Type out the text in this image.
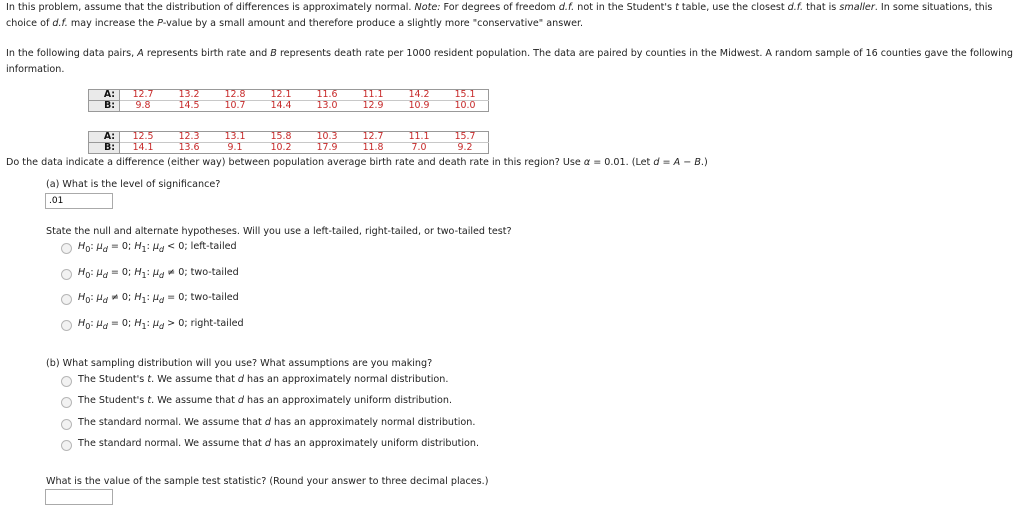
In this problem, assume that the distribution of differences is approximately normal. Note: For degrees of freedom d.f. not in the Student's t table, use the closest d.f. that is smaller. In some situations, this choice of d.f. may increase the P-value by a small amount and therefore produce a slightly more "conservative" answer.

In the following data pairs, A represents birth rate and B represents death rate per 1000 resident population. The data are paired by counties in the Midwest. A random sample of 16 counties gave the following information.

A:	12.7	13.2	12.8	12.1	11.6	11.1	14.2	15.1
B:	9.8	14.5	10.7	14.4	13.0	12.9	10.9	10.0
A:	12.5	12.3	13.1	15.8	10.3	12.7	11.1	15.7
B:	14.1	13.6	9.1	10.2	17.9	11.8	7.0	9.2
Do the data indicate a difference (either way) between population average birth rate and death rate in this region? Use α = 0.01. (Let d = A − B.)
(a) What is the level of significance?
.01
State the null and alternate hypotheses. Will you use a left-tailed, right-tailed, or two-tailed test?
$H_0$: $\mu_d = 0$; $H_1$: $\mu_d < 0$; left-tailed
$H_0$: $\mu_d = 0$; $H_1$: $\mu_d \ne 0$; two-tailed
$H_0$: $\mu_d \ne 0$; $H_1$: $\mu_d = 0$; two-tailed
$H_0$: $\mu_d = 0$; $H_1$: $\mu_d > 0$; right-tailed
(b) What sampling distribution will you use? What assumptions are you making?
The Student's t. We assume that d has an approximately normal distribution.
The Student's t. We assume that d has an approximately uniform distribution.
The standard normal. We assume that d has an approximately normal distribution.
The standard normal. We assume that d has an approximately uniform distribution.
What is the value of the sample test statistic? (Round your answer to three decimal places.)
